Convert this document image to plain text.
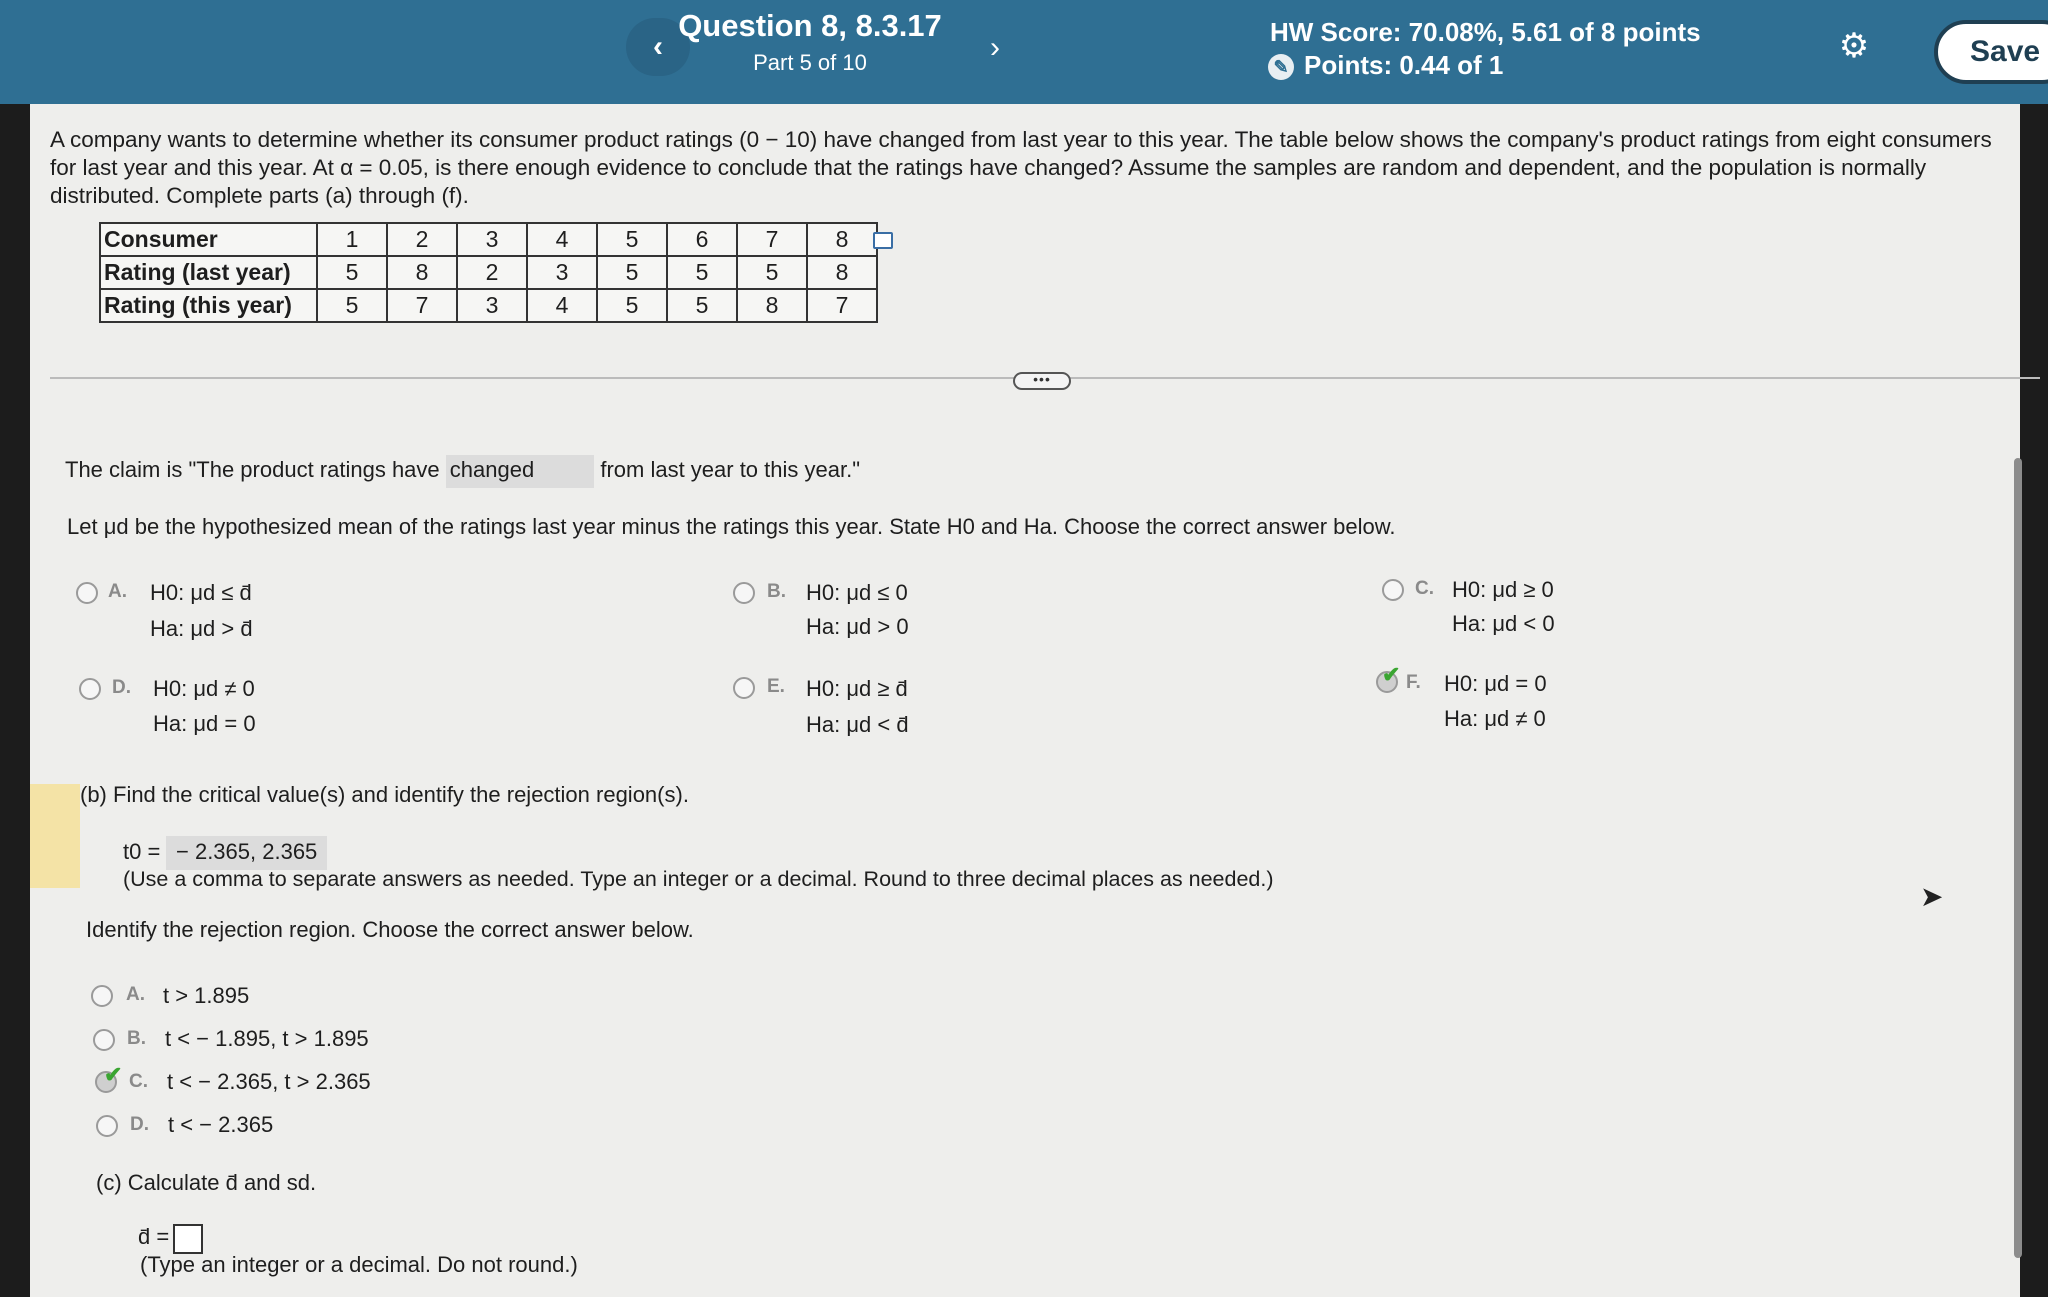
‹
Question 8, 8.3.17
Part 5 of 10	›	HW Score: 70.08%, 5.61 of 8 points
✎ Points: 0.44 of 1	⚙	Save
A company wants to determine whether its consumer product ratings (0 − 10) have changed from last year to this year. The table below shows the company's product ratings from eight consumers
for last year and this year. At α = 0.05, is there enough evidence to conclude that the ratings have changed? Assume the samples are random and dependent, and the population is normally
distributed. Complete parts (a) through (f).
Consumer	1	2	3	4	5	6	7	8
Rating (last year)	5	8	2	3	5	5	5	8
Rating (this year)	5	7	3	4	5	5	8	7
•••
The claim is "The product ratings have changed	from last year to this year."
Let μd be the hypothesized mean of the ratings last year minus the ratings this year. State H0 and Ha. Choose the correct answer below.
A. H0: μd ≤ d̄
Ha: μd > d̄
B. H0: μd ≤ 0
Ha: μd > 0
C. H0: μd ≥ 0
Ha: μd < 0
D. H0: μd ≠ 0
Ha: μd = 0
E. H0: μd ≥ d̄
Ha: μd < d̄
✔ F. H0: μd = 0
Ha: μd ≠ 0
(b) Find the critical value(s) and identify the rejection region(s).
t0 = − 2.365, 2.365
(Use a comma to separate answers as needed. Type an integer or a decimal. Round to three decimal places as needed.)
Identify the rejection region. Choose the correct answer below.
A. t > 1.895
B. t < − 1.895, t > 1.895
✔ C. t < − 2.365, t > 2.365
D. t < − 2.365
(c) Calculate d̄ and sd.
d̄ =
(Type an integer or a decimal. Do not round.)
➤
